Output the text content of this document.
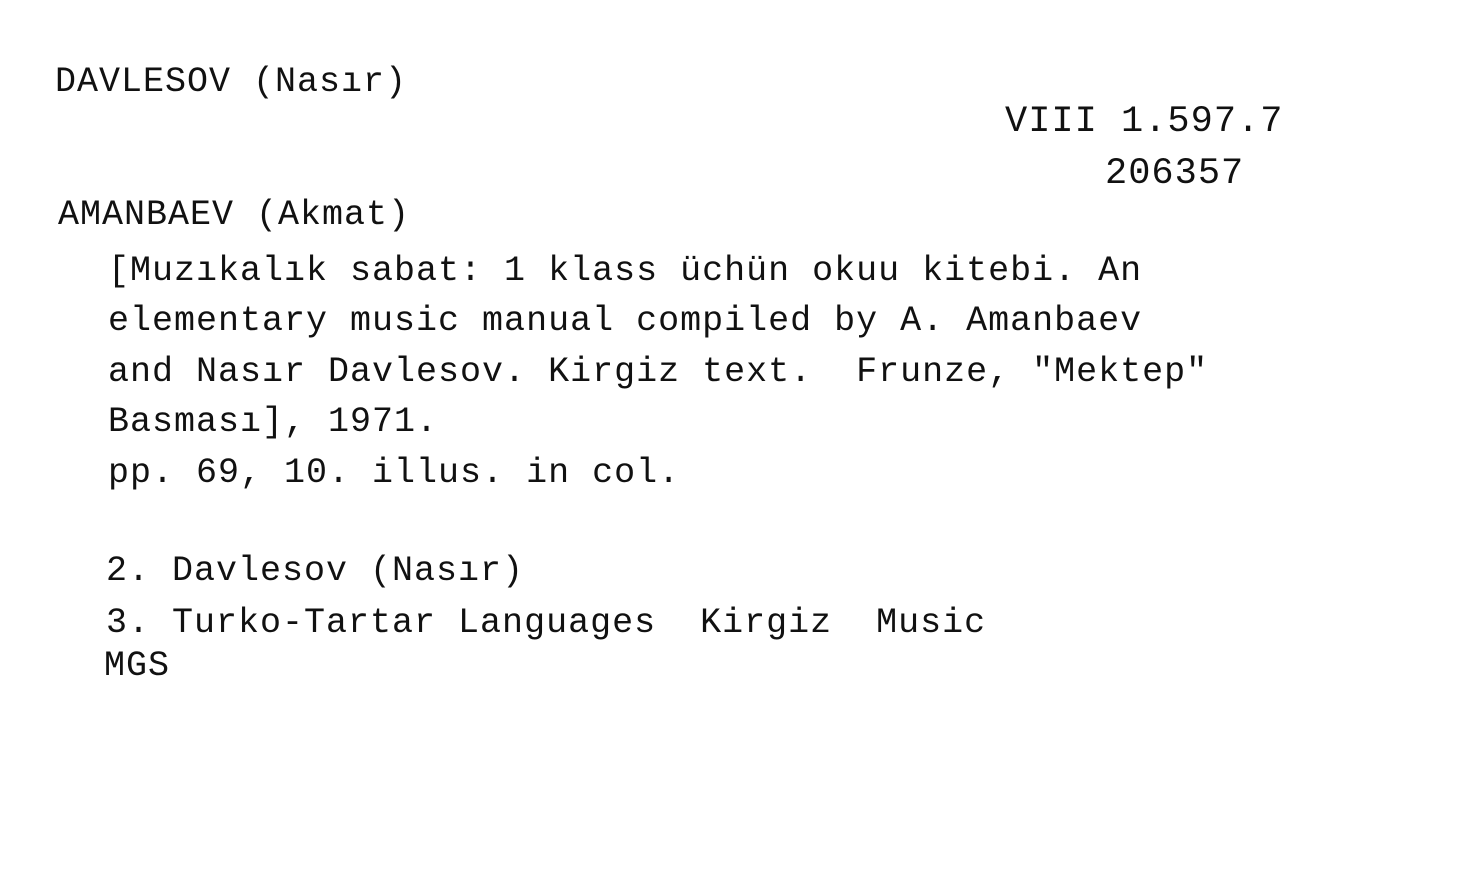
DAVLESOV (Nasır)
VIII 1.597.7
206357
AMANBAEV (Akmat)
[Muzıkalık sabat: 1 klass üchün okuu kitebi. An
elementary music manual compiled by A. Amanbaev
and Nasır Davlesov. Kirgiz text.  Frunze, "Mektep"
Basması], 1971.
pp. 69, 10. illus. in col.
2. Davlesov (Nasır)
3. Turko-Tartar Languages  Kirgiz  Music
MGS
